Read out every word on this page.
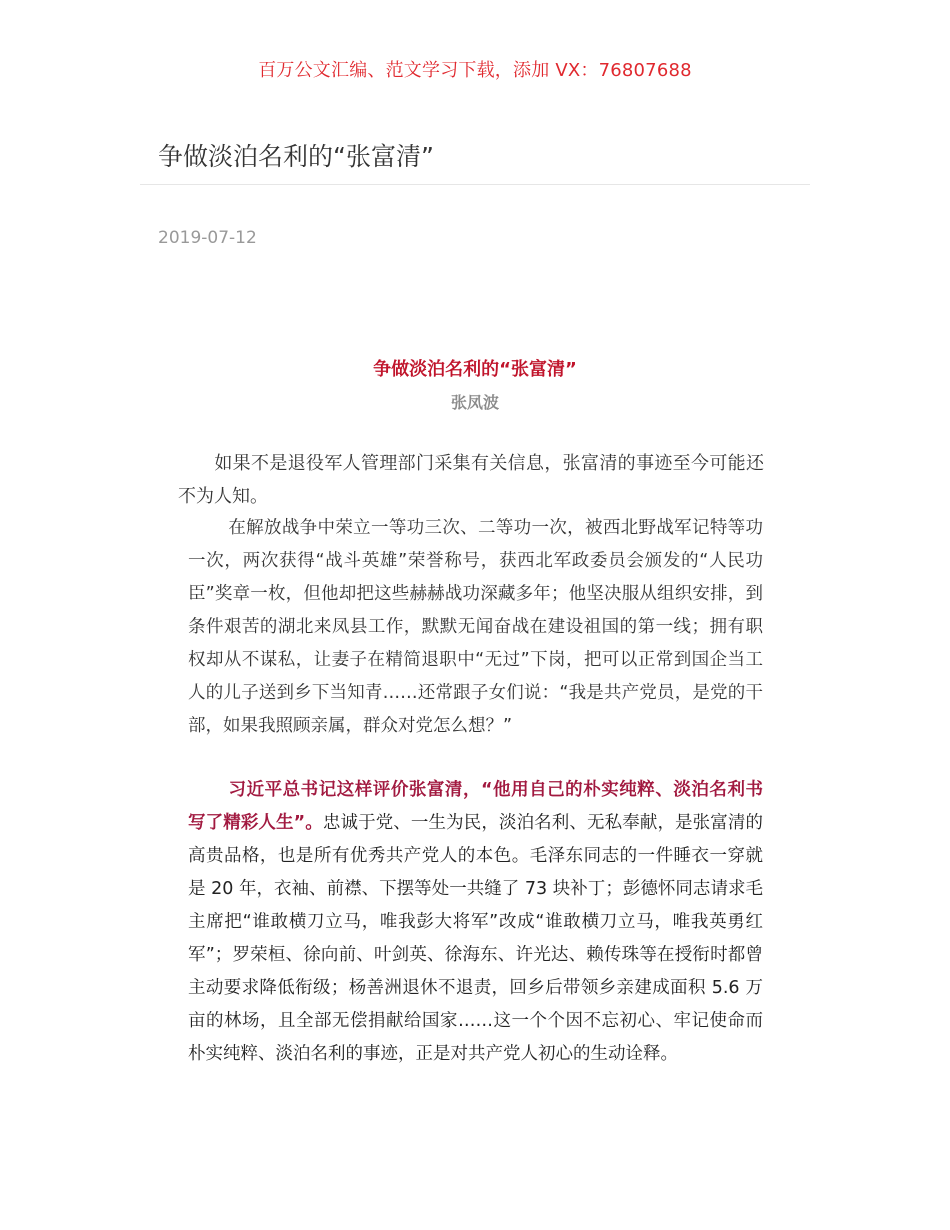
百万公文汇编、范文学习下载，添加 VX：76807688
争做淡泊名利的“张富清”
2019-07-12
争做淡泊名利的“张富清”
张凤波

如果不是退役军人管理部门采集有关信息，张富清的事迹至今可能还不为人知。

在解放战争中荣立一等功三次、二等功一次，被西北野战军记特等功一次，两次获得“战斗英雄”荣誉称号，获西北军政委员会颁发的“人民功臣”奖章一枚，但他却把这些赫赫战功深藏多年；他坚决服从组织安排，到条件艰苦的湖北来凤县工作，默默无闻奋战在建设祖国的第一线；拥有职权却从不谋私，让妻子在精简退职中“无过”下岗，把可以正常到国企当工人的儿子送到乡下当知青……还常跟子女们说：“我是共产党员，是党的干部，如果我照顾亲属，群众对党怎么想？”

习近平总书记这样评价张富清，“他用自己的朴实纯粹、淡泊名利书写了精彩人生”。忠诚于党、一生为民，淡泊名利、无私奉献，是张富清的高贵品格，也是所有优秀共产党人的本色。毛泽东同志的一件睡衣一穿就是 20 年，衣袖、前襟、下摆等处一共缝了 73 块补丁；彭德怀同志请求毛主席把“谁敢横刀立马，唯我彭大将军”改成“谁敢横刀立马，唯我英勇红军”；罗荣桓、徐向前、叶剑英、徐海东、许光达、赖传珠等在授衔时都曾主动要求降低衔级；杨善洲退休不退责，回乡后带领乡亲建成面积 5.6 万亩的林场，且全部无偿捐献给国家……这一个个因不忘初心、牢记使命而朴实纯粹、淡泊名利的事迹，正是对共产党人初心的生动诠释。
